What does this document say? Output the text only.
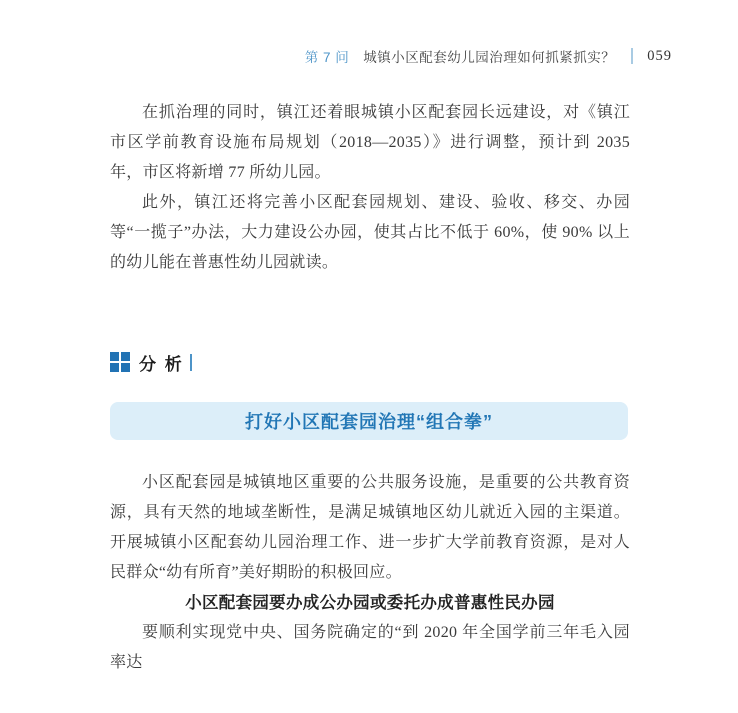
第 7 问 城镇小区配套幼儿园治理如何抓紧抓实？ 059

在抓治理的同时，镇江还着眼城镇小区配套园长远建设，对《镇江市区学前教育设施布局规划（2018—2035）》进行调整，预计到 2035 年，市区将新增 77 所幼儿园。

此外，镇江还将完善小区配套园规划、建设、验收、移交、办园等“一揽子”办法，大力建设公办园，使其占比不低于 60%，使 90% 以上的幼儿能在普惠性幼儿园就读。

分 析
打好小区配套园治理“组合拳”

小区配套园是城镇地区重要的公共服务设施，是重要的公共教育资源，具有天然的地域垄断性，是满足城镇地区幼儿就近入园的主渠道。开展城镇小区配套幼儿园治理工作、进一步扩大学前教育资源，是对人民群众“幼有所育”美好期盼的积极回应。

小区配套园要办成公办园或委托办成普惠性民办园

要顺利实现党中央、国务院确定的“到 2020 年全国学前三年毛入园率达
